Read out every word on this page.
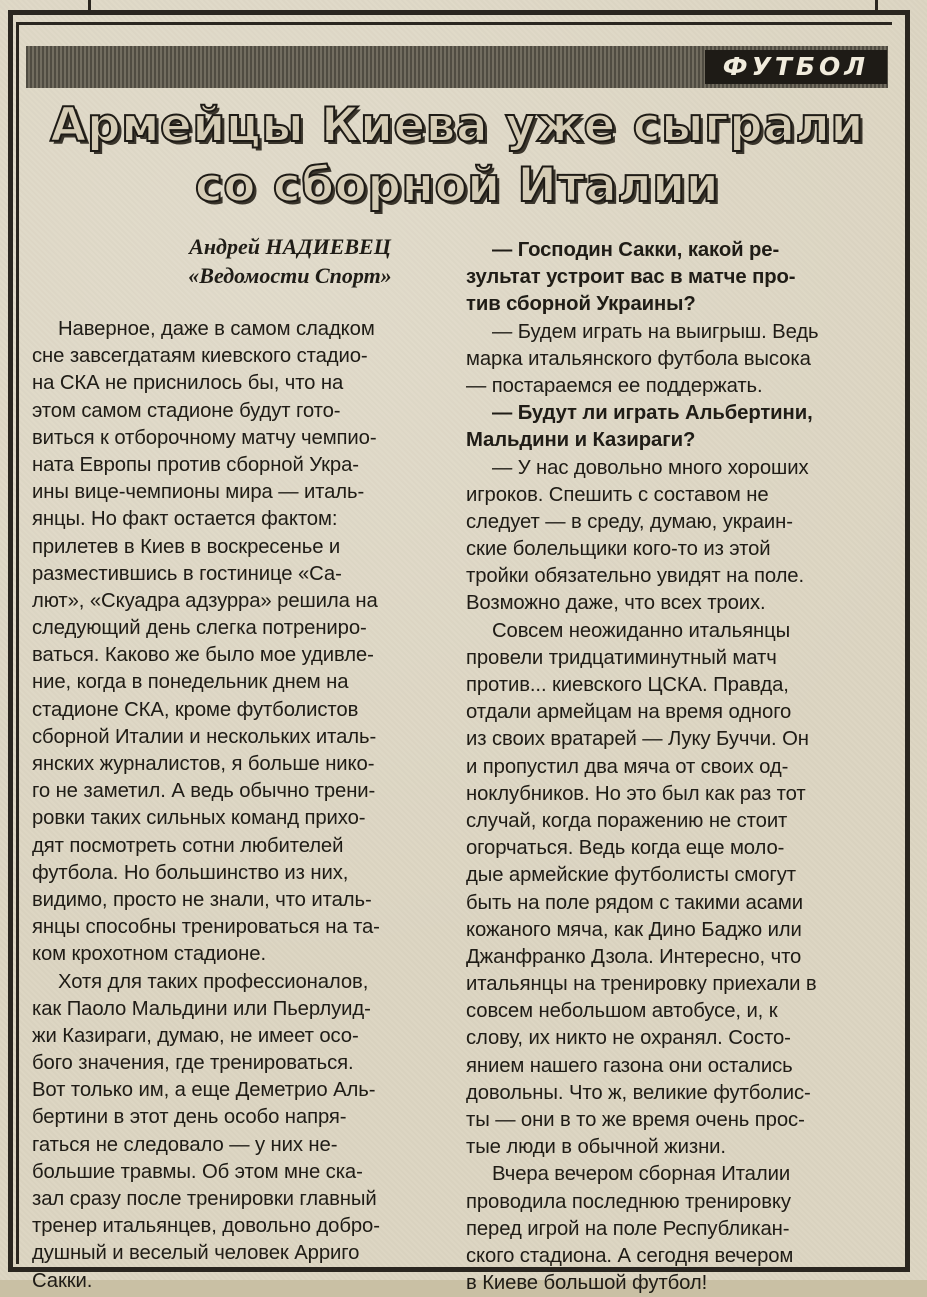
ФУТБОЛ
Армейцы Киева уже сыграли
со сборной Италии
Андрей НАДИЕВЕЦ
«Ведомости Спорт»
Наверное, даже в самом сладком
сне завсегдатаям киевского стадио-
на СКА не приснилось бы, что на
этом самом стадионе будут гото-
виться к отборочному матчу чемпио-
ната Европы против сборной Укра-
ины вице-чемпионы мира — италь-
янцы. Но факт остается фактом:
прилетев в Киев в воскресенье и
разместившись в гостинице «Са-
лют», «Скуадра адзурра» решила на
следующий день слегка потрениро-
ваться. Каково же было мое удивле-
ние, когда в понедельник днем на
стадионе СКА, кроме футболистов
сборной Италии и нескольких италь-
янских журналистов, я больше нико-
го не заметил. А ведь обычно трени-
ровки таких сильных команд прихо-
дят посмотреть сотни любителей
футбола. Но большинство из них,
видимо, просто не знали, что италь-
янцы способны тренироваться на та-
ком крохотном стадионе.
Хотя для таких профессионалов,
как Паоло Мальдини или Пьерлуид-
жи Казираги, думаю, не имеет осо-
бого значения, где тренироваться.
Вот только им, а еще Деметрио Аль-
бертини в этот день особо напря-
гаться не следовало — у них не-
большие травмы. Об этом мне ска-
зал сразу после тренировки главный
тренер итальянцев, довольно добро-
душный и веселый человек Арриго
Сакки.
— Господин Сакки, какой ре-
зультат устроит вас в матче про-
тив сборной Украины?
— Будем играть на выигрыш. Ведь
марка итальянского футбола высока
— постараемся ее поддержать.
— Будут ли играть Альбертини,
Мальдини и Казираги?
— У нас довольно много хороших
игроков. Спешить с составом не
следует — в среду, думаю, украин-
ские болельщики кого-то из этой
тройки обязательно увидят на поле.
Возможно даже, что всех троих.
Совсем неожиданно итальянцы
провели тридцатиминутный матч
против... киевского ЦСКА. Правда,
отдали армейцам на время одного
из своих вратарей — Луку Буччи. Он
и пропустил два мяча от своих од-
ноклубников. Но это был как раз тот
случай, когда поражению не стоит
огорчаться. Ведь когда еще моло-
дые армейские футболисты смогут
быть на поле рядом с такими асами
кожаного мяча, как Дино Баджо или
Джанфранко Дзола. Интересно, что
итальянцы на тренировку приехали в
совсем небольшом автобусе, и, к
слову, их никто не охранял. Состо-
янием нашего газона они остались
довольны. Что ж, великие футболис-
ты — они в то же время очень прос-
тые люди в обычной жизни.
Вчера вечером сборная Италии
проводила последнюю тренировку
перед игрой на поле Республикан-
ского стадиона. А сегодня вечером
в Киеве большой футбол!
